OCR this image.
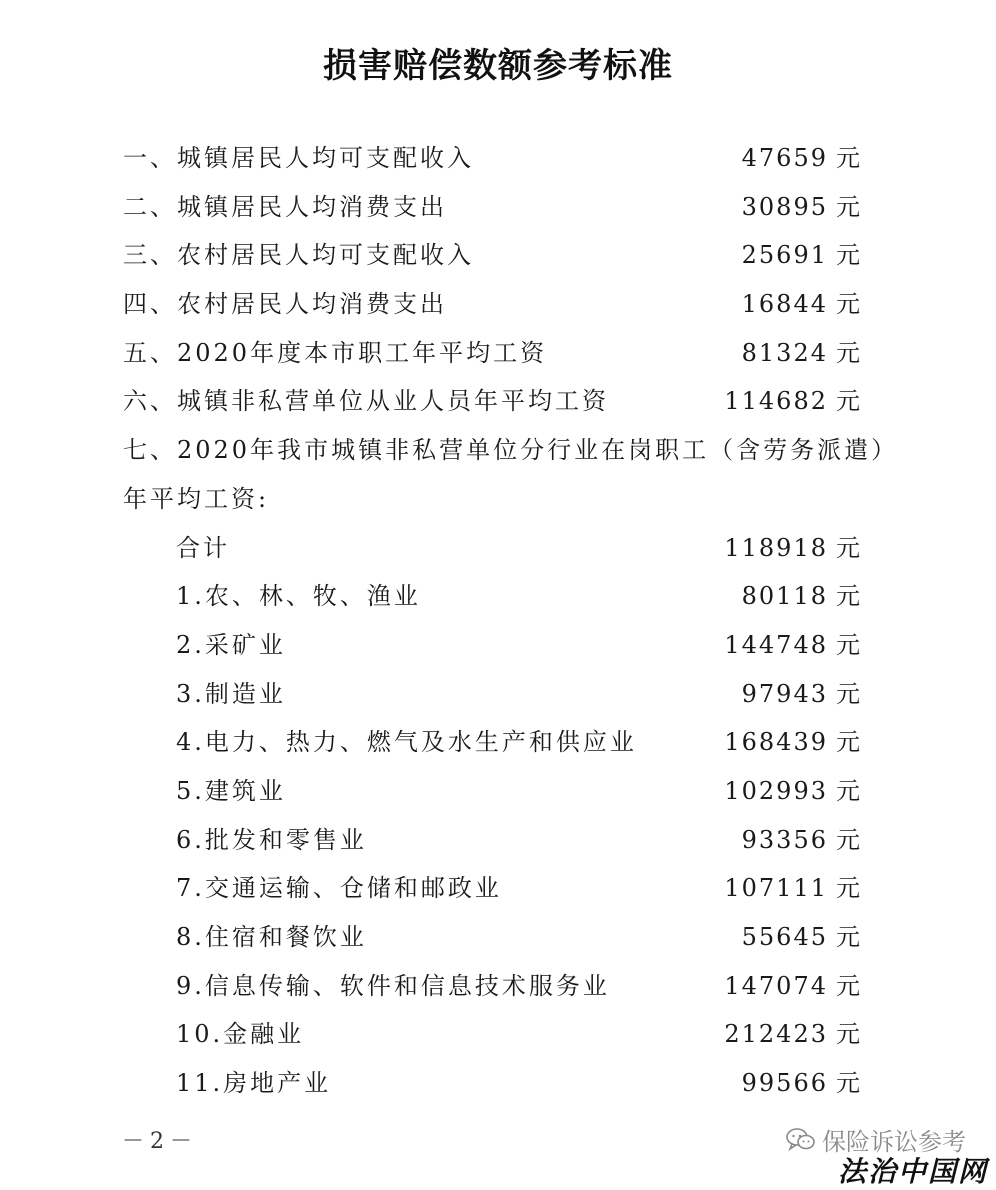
损害赔偿数额参考标准
一、城镇居民人均可支配收入	47659 元
二、城镇居民人均消费支出	30895 元
三、农村居民人均可支配收入	25691 元
四、农村居民人均消费支出	16844 元
五、2020年度本市职工年平均工资	81324 元
六、城镇非私营单位从业人员年平均工资	114682 元
七、2020年我市城镇非私营单位分行业在岗职工（含劳务派遣）
年平均工资:
合计	118918 元
1.农、林、牧、渔业	80118 元
2.采矿业	144748 元
3.制造业	97943 元
4.电力、热力、燃气及水生产和供应业	168439 元
5.建筑业	102993 元
6.批发和零售业	93356 元
7.交通运输、仓储和邮政业	107111 元
8.住宿和餐饮业	55645 元
9.信息传输、软件和信息技术服务业	147074 元
10.金融业	212423 元
11.房地产业	99566 元
－2－	保险诉讼参考
法治中国网
